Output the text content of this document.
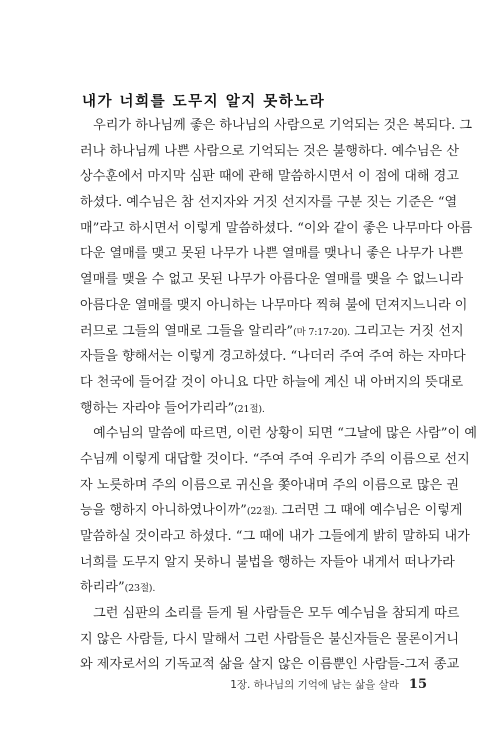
내가 너희를 도무지 알지 못하노라
 우리가 하나님께 좋은 하나님의 사람으로 기억되는 것은 복되다. 그
러나 하나님께 나쁜 사람으로 기억되는 것은 불행하다. 예수님은 산
상수훈에서 마지막 심판 때에 관해 말씀하시면서 이 점에 대해 경고
하셨다. 예수님은 참 선지자와 거짓 선지자를 구분 짓는 기준은 “열
매”라고 하시면서 이렇게 말씀하셨다. “이와 같이 좋은 나무마다 아름
다운 열매를 맺고 못된 나무가 나쁜 열매를 맺나니 좋은 나무가 나쁜
열매를 맺을 수 없고 못된 나무가 아름다운 열매를 맺을 수 없느니라
아름다운 열매를 맺지 아니하는 나무마다 찍혀 불에 던져지느니라 이
러므로 그들의 열매로 그들을 알리라”(마 7:17-20). 그리고는 거짓 선지
자들을 향해서는 이렇게 경고하셨다. “나더러 주여 주여 하는 자마다
다 천국에 들어갈 것이 아니요 다만 하늘에 계신 내 아버지의 뜻대로
행하는 자라야 들어가리라”(21절).
 예수님의 말씀에 따르면, 이런 상황이 되면 “그날에 많은 사람”이 예
수님께 이렇게 대답할 것이다. “주여 주여 우리가 주의 이름으로 선지
자 노릇하며 주의 이름으로 귀신을 쫓아내며 주의 이름으로 많은 권
능을 행하지 아니하였나이까”(22절). 그러면 그 때에 예수님은 이렇게
말씀하실 것이라고 하셨다. “그 때에 내가 그들에게 밝히 말하되 내가
너희를 도무지 알지 못하니 불법을 행하는 자들아 내게서 떠나가라
하리라”(23절).
 그런 심판의 소리를 듣게 될 사람들은 모두 예수님을 참되게 따르
지 않은 사람들, 다시 말해서 그런 사람들은 불신자들은 물론이거니
와 제자로서의 기독교적 삶을 살지 않은 이름뿐인 사람들-그저 종교
1장. 하나님의 기억에 남는 삶을 살라 15
